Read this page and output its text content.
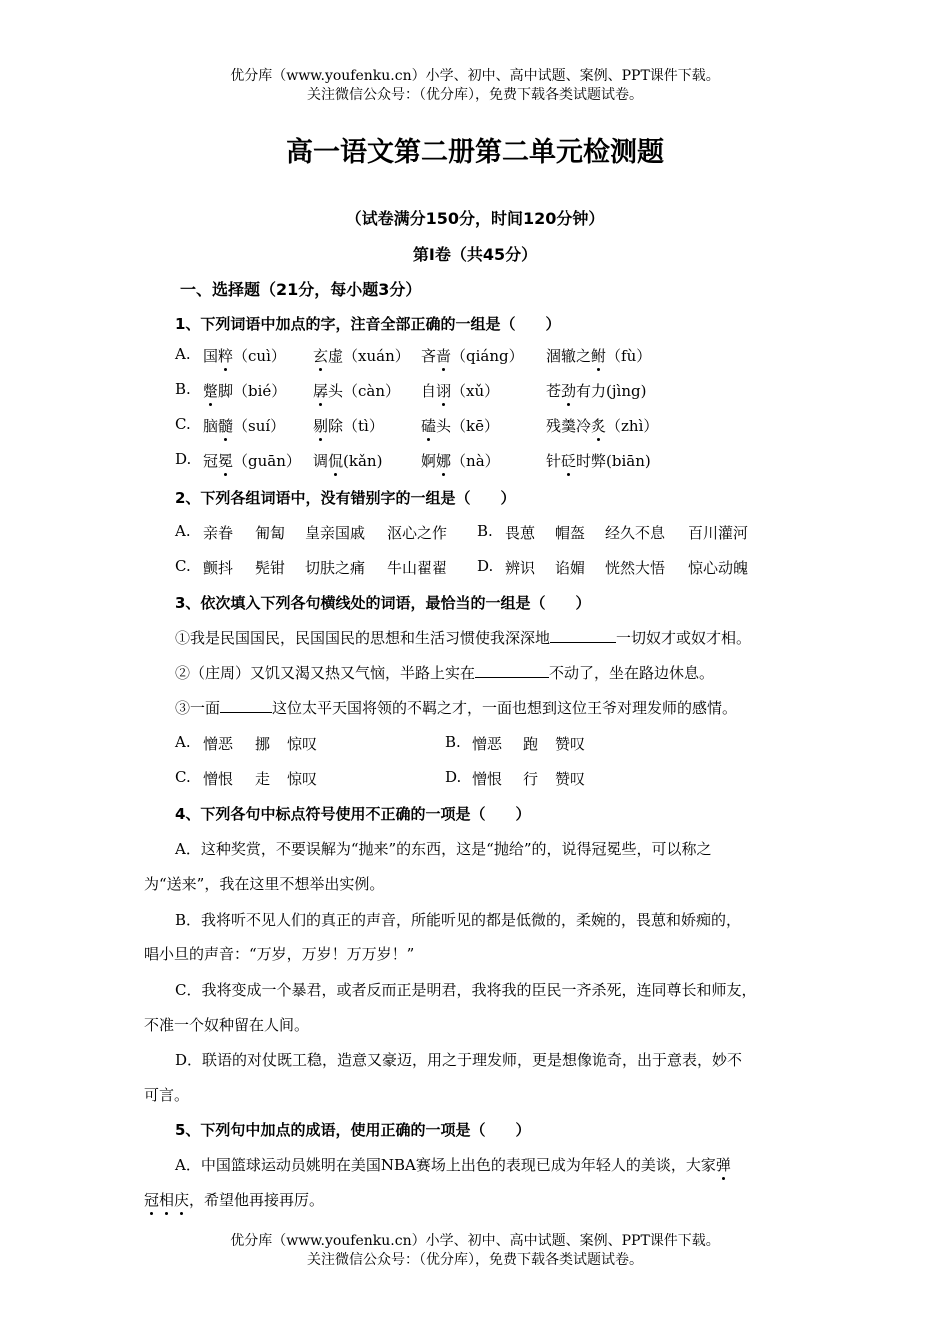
优分库（www.youfenku.cn）小学、初中、高中试题、案例、PPT课件下载。
关注微信公众号：（优分库），免费下载各类试题试卷。
高一语文第二册第二单元检测题
（试卷满分150分，时间120分钟）
第Ⅰ卷（共45分）
一、选择题（21分，每小题3分）
1、下列词语中加点的字，注音全部正确的一组是（　　）
A. 国粹（cuì） 玄虚（xuán） 吝啬（qiáng） 涸辙之鲋（fù）
B. 蹩脚（bié） 孱头（càn） 自诩（xǔ）	苍劲有力(jìng)
C. 脑髓（suí） 剔除（tì） 磕头（kē）	残羹冷炙（zhì）
D. 冠冕（guān） 调侃(kǎn)	婀娜（nà）	针砭时弊(biān)
2、下列各组词语中，没有错别字的一组是（　　）
A. 亲眷 匍匐 皇亲国戚 沤心之作 B. 畏葸 帽盔 经久不息 百川灌河
C. 颤抖 髡钳 切肤之痛 牛山翟翟 D. 辨识 谄媚 恍然大悟 惊心动魄
3、依次填入下列各句横线处的词语，最恰当的一组是（　　）
①我是民国国民，民国国民的思想和生活习惯使我深深地	一切奴才或奴才相。
②（庄周）又饥又渴又热又气恼，半路上实在	不动了，坐在路边休息。
③一面	这位太平天国将领的不羁之才，一面也想到这位王爷对理发师的感情。
A. 憎恶 挪 惊叹	B. 憎恶 跑 赞叹
C. 憎恨 走 惊叹	D. 憎恨 行 赞叹
4、下列各句中标点符号使用不正确的一项是（　　）
A．这种奖赏，不要误解为“抛来”的东西，这是“抛给”的，说得冠冕些，可以称之
为“送来”，我在这里不想举出实例。
B．我将听不见人们的真正的声音，所能听见的都是低微的，柔婉的，畏葸和娇痴的，
唱小旦的声音：“万岁，万岁！万万岁！”
C．我将变成一个暴君，或者反而正是明君，我将我的臣民一齐杀死，连同尊长和师友，
不准一个奴种留在人间。
D．联语的对仗既工稳，造意又豪迈，用之于理发师，更是想像诡奇，出于意表，妙不
可言。
5、下列句中加点的成语，使用正确的一项是（　　）
A．中国篮球运动员姚明在美国NBA赛场上出色的表现已成为年轻人的美谈，大家弹
冠相庆，希望他再接再厉。
优分库（www.youfenku.cn）小学、初中、高中试题、案例、PPT课件下载。
关注微信公众号：（优分库），免费下载各类试题试卷。
